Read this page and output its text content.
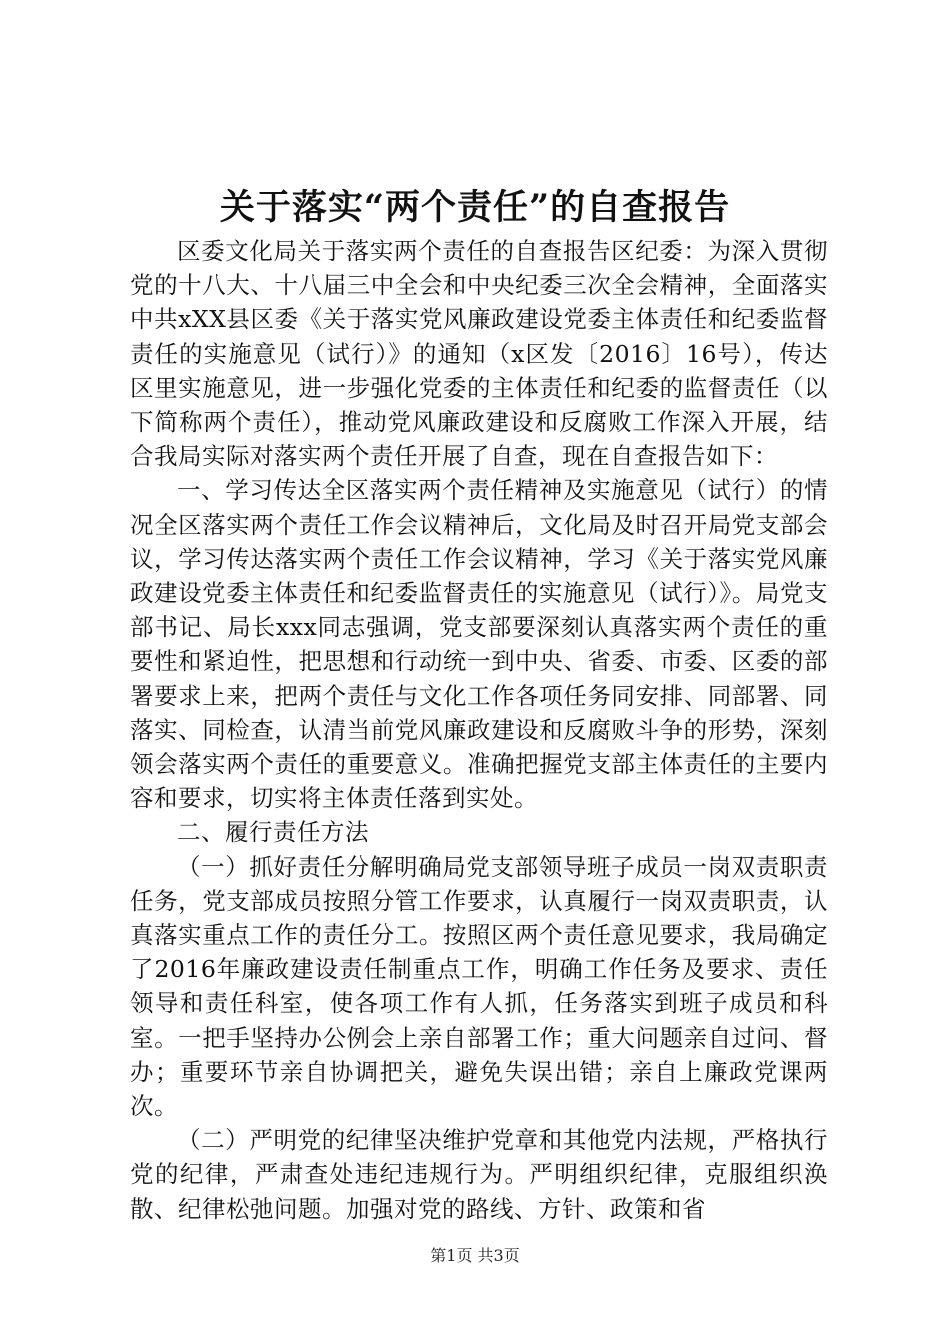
关于落实“两个责任”的自查报告

区委文化局关于落实两个责任的自查报告区纪委：为深入贯彻党的十八大、十八届三中全会和中央纪委三次全会精神，全面落实中共xXX县区委《关于落实党风廉政建设党委主体责任和纪委监督责任的实施意见（试行）》的通知（x区发〔2016〕16号），传达区里实施意见，进一步强化党委的主体责任和纪委的监督责任（以下简称两个责任），推动党风廉政建设和反腐败工作深入开展，结合我局实际对落实两个责任开展了自查，现在自查报告如下：

一、学习传达全区落实两个责任精神及实施意见（试行）的情况全区落实两个责任工作会议精神后，文化局及时召开局党支部会议，学习传达落实两个责任工作会议精神，学习《关于落实党风廉政建设党委主体责任和纪委监督责任的实施意见（试行）》。局党支部书记、局长xxx同志强调，党支部要深刻认真落实两个责任的重要性和紧迫性，把思想和行动统一到中央、省委、市委、区委的部署要求上来，把两个责任与文化工作各项任务同安排、同部署、同落实、同检查，认清当前党风廉政建设和反腐败斗争的形势，深刻领会落实两个责任的重要意义。准确把握党支部主体责任的主要内容和要求，切实将主体责任落到实处。

二、履行责任方法

（一）抓好责任分解明确局党支部领导班子成员一岗双责职责任务，党支部成员按照分管工作要求，认真履行一岗双责职责，认真落实重点工作的责任分工。按照区两个责任意见要求，我局确定了2016年廉政建设责任制重点工作，明确工作任务及要求、责任领导和责任科室，使各项工作有人抓，任务落实到班子成员和科室。一把手坚持办公例会上亲自部署工作；重大问题亲自过问、督办；重要环节亲自协调把关，避免失误出错；亲自上廉政党课两次。

（二）严明党的纪律坚决维护党章和其他党内法规，严格执行党的纪律，严肃查处违纪违规行为。严明组织纪律，克服组织涣散、纪律松弛问题。加强对党的路线、方针、政策和省

第1页 共3页
